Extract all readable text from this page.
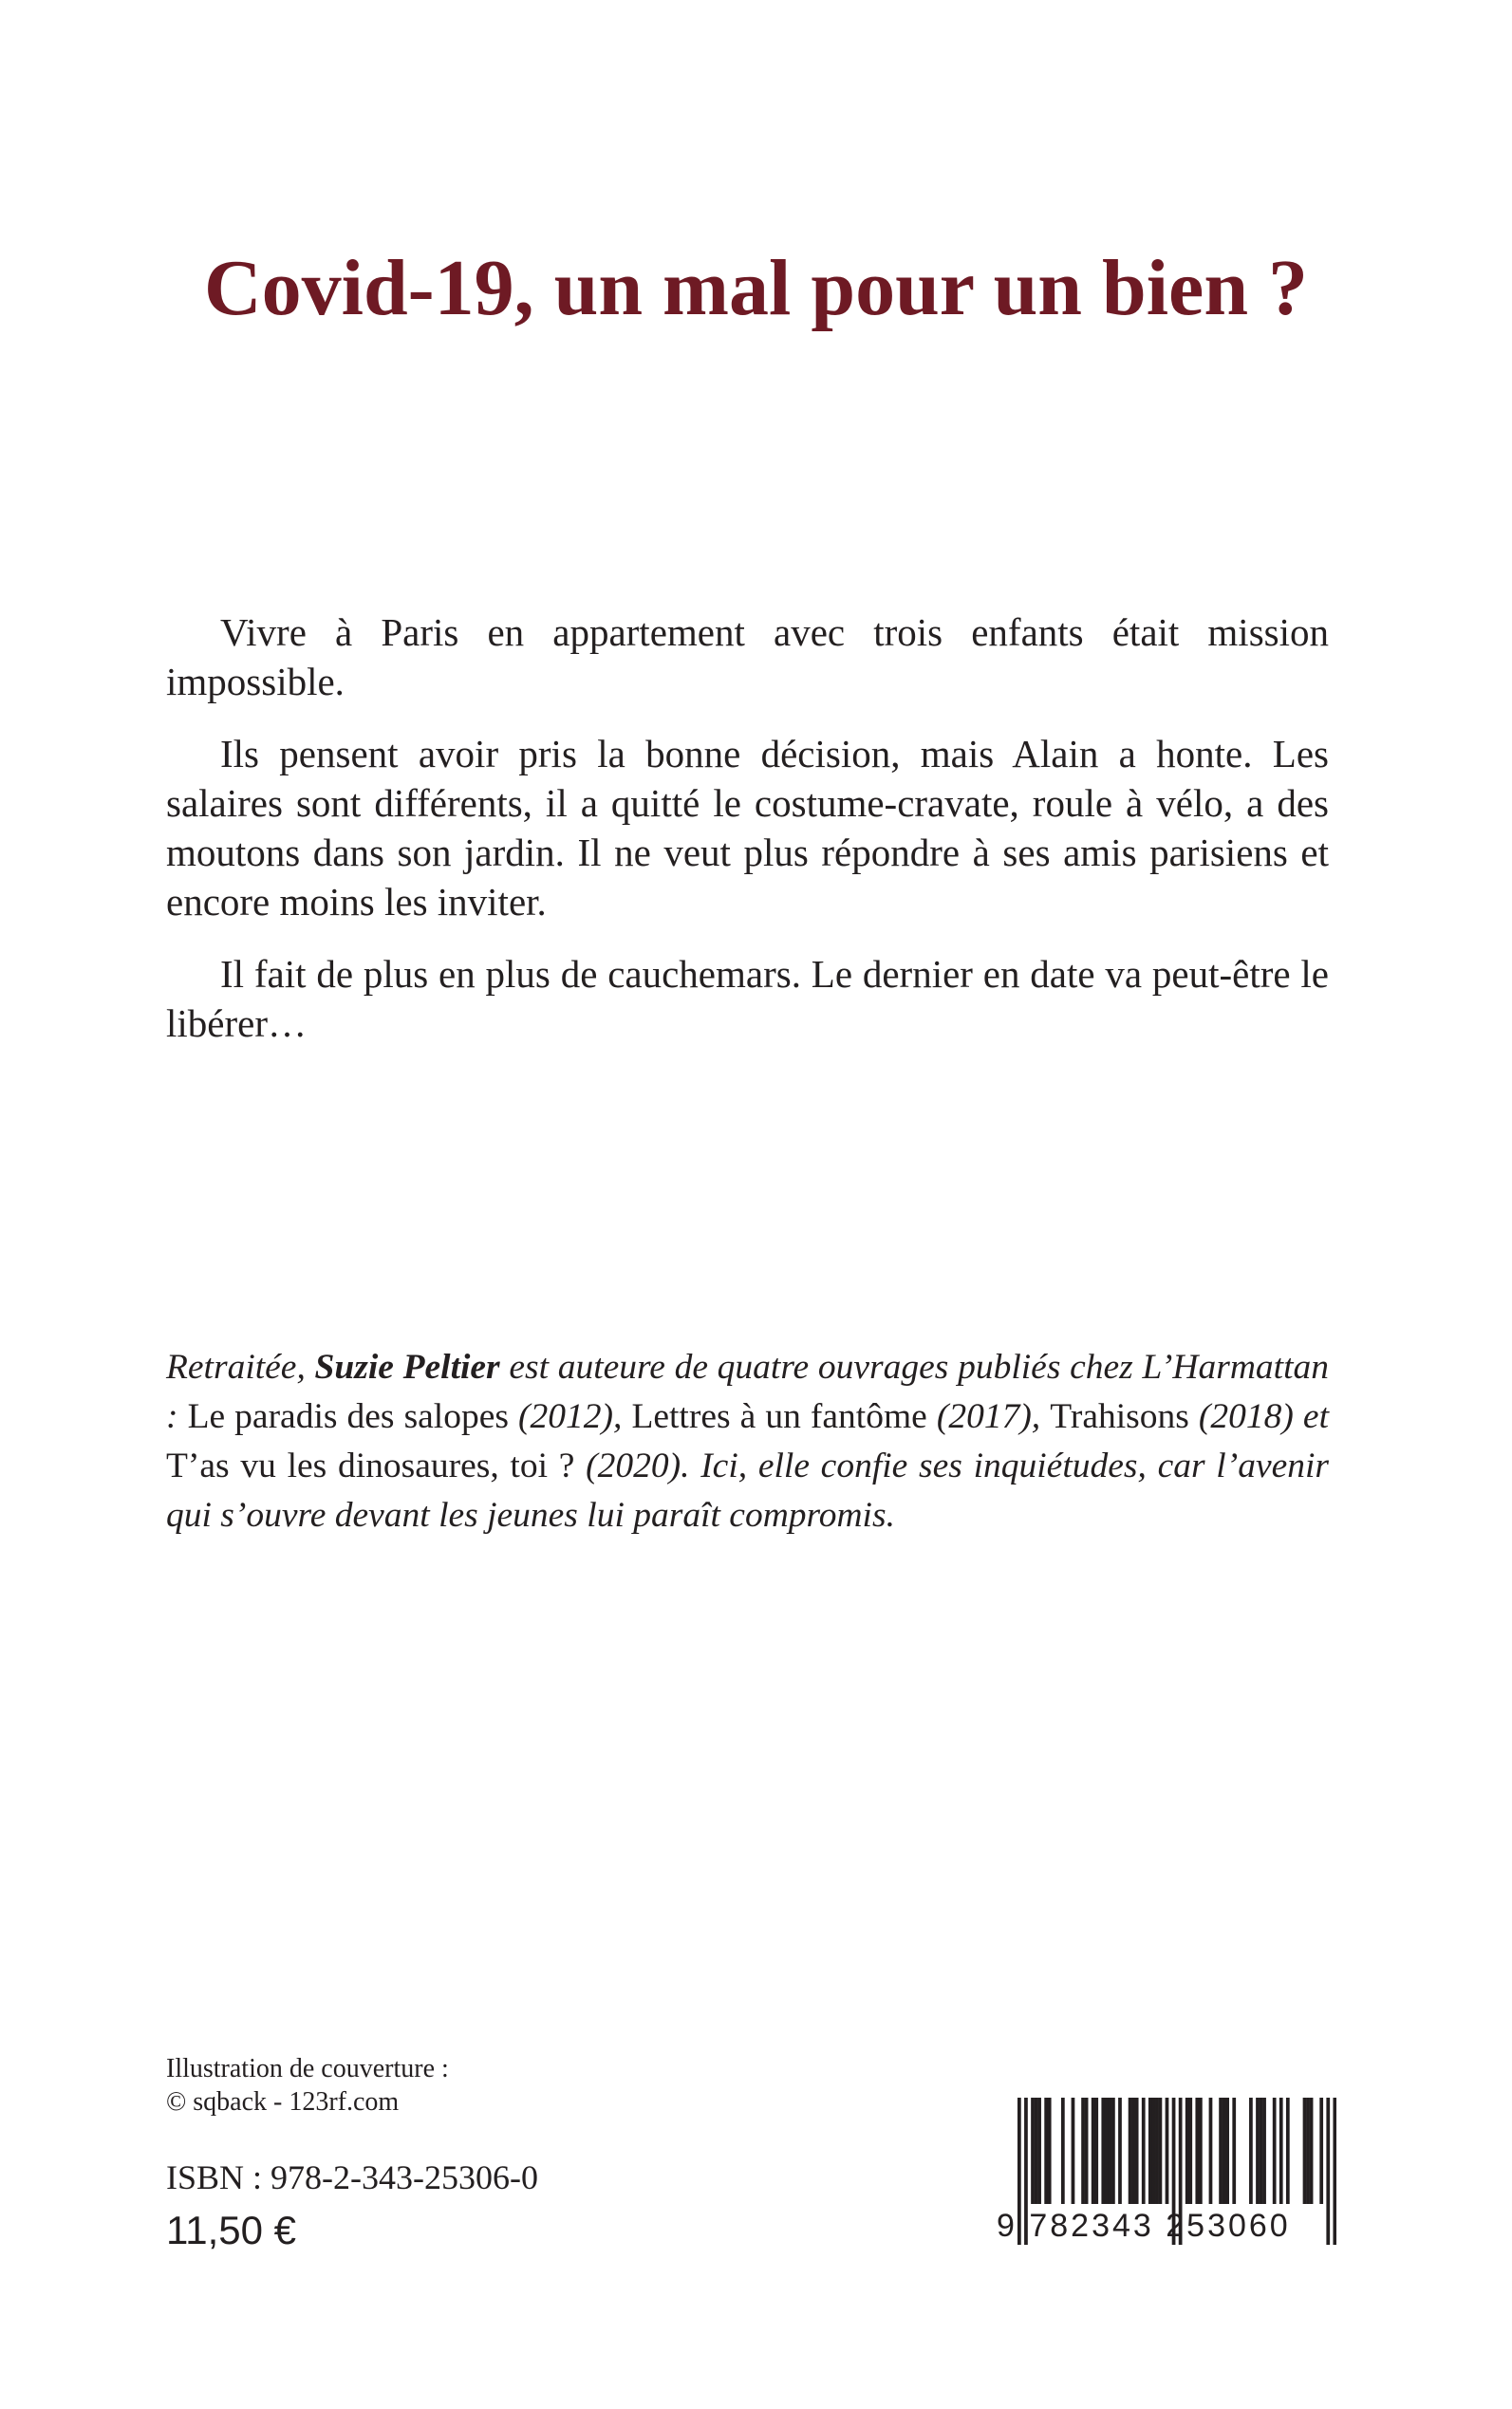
Covid-19, un mal pour un bien ?

Vivre à Paris en appartement avec trois enfants était mission impossible.

Ils pensent avoir pris la bonne décision, mais Alain a honte. Les salaires sont différents, il a quitté le costume-cravate, roule à vélo, a des moutons dans son jardin. Il ne veut plus répondre à ses amis parisiens et encore moins les inviter.

Il fait de plus en plus de cauchemars. Le dernier en date va peut-être le libérer…

Retraitée, Suzie Peltier est auteure de quatre ouvrages publiés chez L’Harmattan : Le paradis des salopes (2012), Lettres à un fantôme (2017), Trahisons (2018) et T’as vu les dinosaures, toi ? (2020). Ici, elle confie ses inquiétudes, car l’avenir qui s’ouvre devant les jeunes lui paraît compromis.

Illustration de couverture :
© sqback - 123rf.com
ISBN : 978-2-343-25306-0
11,50 €	9 782343 253060
